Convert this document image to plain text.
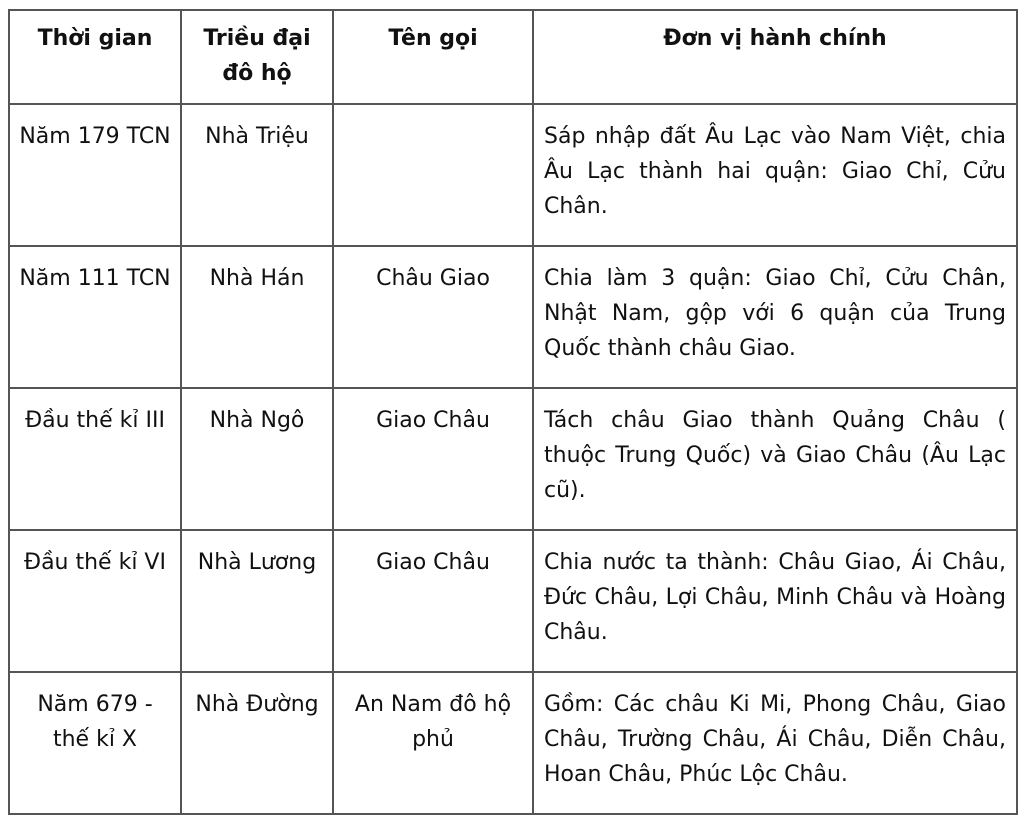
Thời gian	Triều đại đô hộ	Tên gọi	Đơn vị hành chính
Năm 179 TCN	Nhà Triệu		Sáp nhập đất Âu Lạc vào Nam Việt, chia Âu Lạc thành hai quận: Giao Chỉ, Cửu Chân.
Năm 111 TCN	Nhà Hán	Châu Giao	Chia làm 3 quận: Giao Chỉ, Cửu Chân, Nhật Nam, gộp với 6 quận của Trung Quốc thành châu Giao.
Đầu thế kỉ III	Nhà Ngô	Giao Châu	Tách châu Giao thành Quảng Châu ( thuộc Trung Quốc) và Giao Châu (Âu Lạc cũ).
Đầu thế kỉ VI	Nhà Lương	Giao Châu	Chia nước ta thành: Châu Giao, Ái Châu, Đức Châu, Lợi Châu, Minh Châu và Hoàng Châu.
Năm 679 - thế kỉ X	Nhà Đường	An Nam đô hộ phủ	Gồm: Các châu Ki Mi, Phong Châu, Giao Châu, Trường Châu, Ái Châu, Diễn Châu, Hoan Châu, Phúc Lộc Châu.
